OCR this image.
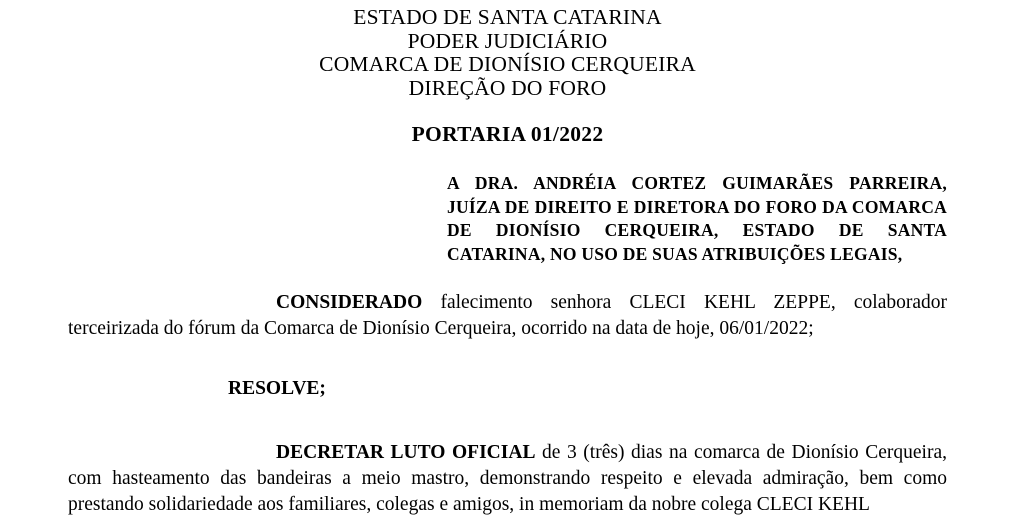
ESTADO DE SANTA CATARINA
PODER JUDICIÁRIO
COMARCA DE DIONÍSIO CERQUEIRA
DIREÇÃO DO FORO
PORTARIA 01/2022
A DRA. ANDRÉIA CORTEZ GUIMARÃES PARREIRA, JUÍZA DE DIREITO E DIRETORA DO FORO DA COMARCA DE DIONÍSIO CERQUEIRA, ESTADO DE SANTA CATARINA, NO USO DE SUAS ATRIBUIÇÕES LEGAIS,
CONSIDERADO falecimento senhora CLECI KEHL ZEPPE, colaborador terceirizada do fórum da Comarca de Dionísio Cerqueira, ocorrido na data de hoje, 06/01/2022;
RESOLVE;
DECRETAR LUTO OFICIAL de 3 (três) dias na comarca de Dionísio Cerqueira, com hasteamento das bandeiras a meio mastro, demonstrando respeito e elevada admiração, bem como prestando solidariedade aos familiares, colegas e amigos, in memoriam da nobre colega CLECI KEHL
